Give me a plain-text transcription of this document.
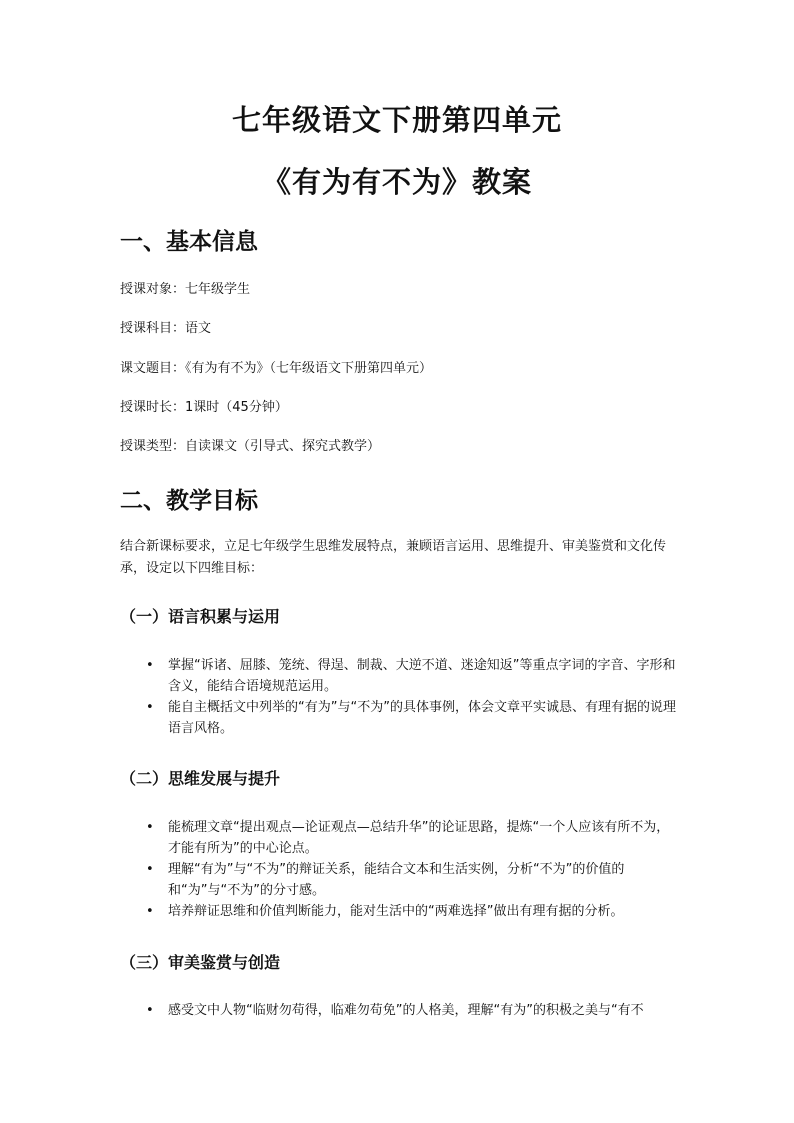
七年级语文下册第四单元
《有为有不为》教案
一、基本信息
授课对象：七年级学生
授课科目：语文
课文题目：《有为有不为》（七年级语文下册第四单元）
授课时长：1课时（45分钟）
授课类型：自读课文（引导式、探究式教学）
二、教学目标
结合新课标要求，立足七年级学生思维发展特点，兼顾语言运用、思维提升、审美鉴赏和文化传承，设定以下四维目标：
（一）语言积累与运用
•	掌握“诉诸、屈膝、笼统、得逞、制裁、大逆不道、迷途知返”等重点字词的字音、字形和含义，能结合语境规范运用。
•	能自主概括文中列举的“有为”与“不为”的具体事例，体会文章平实诚恳、有理有据的说理语言风格。
（二）思维发展与提升
•	能梳理文章“提出观点—论证观点—总结升华”的论证思路，提炼“一个人应该有所不为，才能有所为”的中心论点。
•	理解“有为”与“不为”的辩证关系，能结合文本和生活实例，分析“不为”的价值的和“为”与“不为”的分寸感。
•	培养辩证思维和价值判断能力，能对生活中的“两难选择”做出有理有据的分析。
（三）审美鉴赏与创造
•	感受文中人物“临财勿苟得，临难勿苟免”的人格美，理解“有为”的积极之美与“有不
